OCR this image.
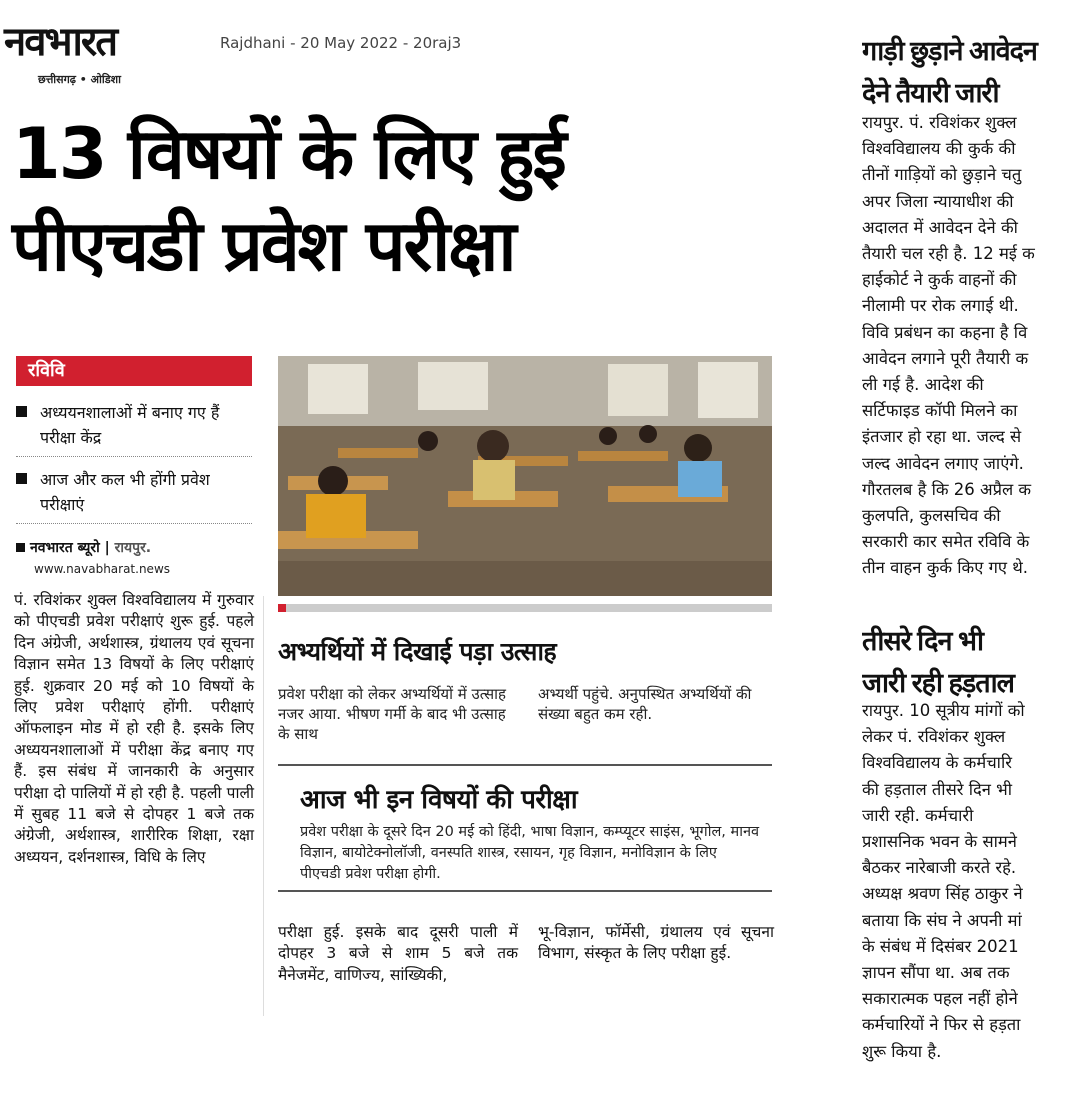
नवभारत
छत्तीसगढ़ • ओडिशा
Rajdhani - 20 May 2022 - 20raj3
13 विषयों के लिए हुई
पीएचडी प्रवेश परीक्षा
रविवि
अध्ययनशालाओं में बनाए गए हैं परीक्षा केंद्र
आज और कल भी होंगी प्रवेश परीक्षाएं
नवभारत ब्यूरो | रायपुर.
www.navabharat.news
पं. रविशंकर शुक्ल विश्वविद्यालय में गुरुवार को पीएचडी प्रवेश परीक्षाएं शुरू हुई. पहले दिन अंग्रेजी, अर्थशास्त्र, ग्रंथालय एवं सूचना विज्ञान समेत 13 विषयों के लिए परीक्षाएं हुई. शुक्रवार 20 मई को 10 विषयों के लिए प्रवेश परीक्षाएं होंगी. परीक्षाएं ऑफलाइन मोड में हो रही है. इसके लिए अध्ययनशालाओं में परीक्षा केंद्र बनाए गए हैं. इस संबंध में जानकारी के अनुसार परीक्षा दो पालियों में हो रही है. पहली पाली में सुबह 11 बजे से दोपहर 1 बजे तक अंग्रेजी, अर्थशास्त्र, शारीरिक शिक्षा, रक्षा अध्ययन, दर्शनशास्त्र, विधि के लिए
अभ्यर्थियों में दिखाई पड़ा उत्साह
प्रवेश परीक्षा को लेकर अभ्यर्थियों में उत्साह नजर आया. भीषण गर्मी के बाद भी उत्साह के साथ
अभ्यर्थी पहुंचे. अनुपस्थित अभ्यर्थियों की संख्या बहुत कम रही.
आज भी इन विषयों की परीक्षा
प्रवेश परीक्षा के दूसरे दिन 20 मई को हिंदी, भाषा विज्ञान, कम्प्यूटर साइंस, भूगोल, मानव विज्ञान, बायोटेक्नोलॉजी, वनस्पति शास्त्र, रसायन, गृह विज्ञान, मनोविज्ञान के लिए पीएचडी प्रवेश परीक्षा होगी.
परीक्षा हुई. इसके बाद दूसरी पाली में दोपहर 3 बजे से शाम 5 बजे तक मैनेजमेंट, वाणिज्य, सांख्यिकी,
भू-विज्ञान, फॉर्मेसी, ग्रंथालय एवं सूचना विभाग, संस्कृत के लिए परीक्षा हुई.
गाड़ी छुड़ाने आवेदन
देने तैयारी जारी
रायपुर. पं. रविशंकर शुक्ल
विश्वविद्यालय की कुर्क की
तीनों गाड़ियों को छुड़ाने चतु
अपर जिला न्यायाधीश की
अदालत में आवेदन देने की
तैयारी चल रही है. 12 मई क
हाईकोर्ट ने कुर्क वाहनों की
नीलामी पर रोक लगाई थी.
विवि प्रबंधन का कहना है वि
आवेदन लगाने पूरी तैयारी क
ली गई है. आदेश की
सर्टिफाइड कॉपी मिलने का
इंतजार हो रहा था. जल्द से
जल्द आवेदन लगाए जाएंगे.
गौरतलब है कि 26 अप्रैल क
कुलपति, कुलसचिव की
सरकारी कार समेत रविवि के
तीन वाहन कुर्क किए गए थे.
तीसरे दिन भी
जारी रही हड़ताल
रायपुर. 10 सूत्रीय मांगों को
लेकर पं. रविशंकर शुक्ल
विश्वविद्यालय के कर्मचारि
की हड़ताल तीसरे दिन भी
जारी रही. कर्मचारी
प्रशासनिक भवन के सामने
बैठकर नारेबाजी करते रहे.
अध्यक्ष श्रवण सिंह ठाकुर ने
बताया कि संघ ने अपनी मां
के संबंध में दिसंबर 2021
ज्ञापन सौंपा था. अब तक
सकारात्मक पहल नहीं होने
कर्मचारियों ने फिर से हड़ता
शुरू किया है.
